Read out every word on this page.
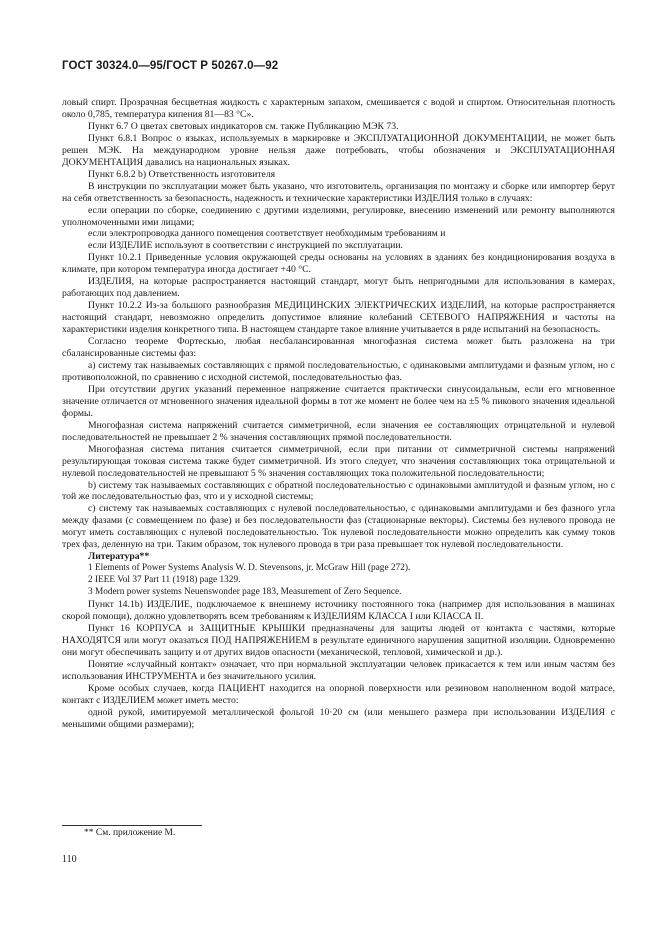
ГОСТ 30324.0—95/ГОСТ Р 50267.0—92

ловый спирт. Прозрачная бесцветная жидкость с характерным запахом, смешивается с водой и спиртом. Относительная плотность около 0,785, температура кипения 81—83 °С».

Пункт 6.7 О цветах световых индикаторов см. также Публикацию МЭК 73.

Пункт 6.8.1 Вопрос о языках, используемых в маркировке и ЭКСПЛУАТАЦИОННОЙ ДОКУМЕНТАЦИИ, не может быть решен МЭК. На международном уровне нельзя даже потребовать, чтобы обозначения и ЭКСПЛУАТАЦИОННАЯ ДОКУМЕНТАЦИЯ давались на национальных языках.

Пункт 6.8.2 b) Ответственность изготовителя

В инструкции по эксплуатации может быть указано, что изготовитель, организация по монтажу и сборке или импортер берут на себя ответственность за безопасность, надежность и технические характеристики ИЗДЕЛИЯ только в случаях:

если операции по сборке, соединению с другими изделиями, регулировке, внесению изменений или ремонту выполняются уполномоченными ими лицами;

если электропроводка данного помещения соответствует необходимым требованиям и

если ИЗДЕЛИЕ используют в соответствии с инструкцией по эксплуатации.

Пункт 10.2.1 Приведенные условия окружающей среды основаны на условиях в зданиях без кондиционирования воздуха в климате, при котором температура иногда достигает +40 °С.

ИЗДЕЛИЯ, на которые распространяется настоящий стандарт, могут быть непригодными для использования в камерах, работающих под давлением.

Пункт 10.2.2 Из-за большого разнообразия МЕДИЦИНСКИХ ЭЛЕКТРИЧЕСКИХ ИЗДЕЛИЙ, на которые распространяется настоящий стандарт, невозможно определить допустимое влияние колебаний СЕТЕВОГО НАПРЯЖЕНИЯ и частоты на характеристики изделия конкретного типа. В настоящем стандарте такое влияние учитывается в ряде испытаний на безопасность.

Согласно теореме Фортескью, любая несбалансированная многофазная система может быть разложена на три сбалансированные системы фаз:

а) систему так называемых составляющих с прямой последовательностью, с одинаковыми амплитудами и фазным углом, но с противоположной, по сравнению с исходной системой, последовательностью фаз.

При отсутствии других указаний переменное напряжение считается практически синусоидальным, если его мгновенное значение отличается от мгновенного значения идеальной формы в тот же момент не более чем на ±5 % пикового значения идеальной формы.

Многофазная система напряжений считается симметричной, если значения ее составляющих отрицательной и нулевой последовательностей не превышает 2 % значения составляющих прямой последовательности.

Многофазная система питания считается симметричной, если при питании от симметричной системы напряжений результирующая токовая система также будет симметричной. Из этого следует, что значения составляющих тока отрицательной и нулевой последовательностей не превышают 5 % значения составляющих тока положительной последовательности;

b) систему так называемых составляющих с обратной последовательностью с одинаковыми амплитудой и фазным углом, но с той же последовательностью фаз, что и у исходной системы;

с) систему так называемых составляющих с нулевой последовательностью, с одинаковыми амплитудами и без фазного угла между фазами (с совмещением по фазе) и без последовательности фаз (стационарные векторы). Системы без нулевого провода не могут иметь составляющих с нулевой последовательностью. Ток нулевой последовательности можно определить как сумму токов трех фаз, деленную на три. Таким образом, ток нулевого провода в три раза превышает ток нулевой последовательности.

Литература**

1 Elements of Power Systems Analysis W. D. Stevensons, jr. McGraw Hill (page 272).

2 IEEE Vol 37 Part 11 (1918) page 1329.

3 Modern power systems Neuenswonder page 183, Measurement of Zero Sequence.

Пункт 14.1b) ИЗДЕЛИЕ, подключаемое к внешнему источнику постоянного тока (например для использования в машинах скорой помощи), должно удовлетворять всем требованиям к ИЗДЕЛИЯМ КЛАССА I или КЛАССА II.

Пункт 16 КОРПУСА и ЗАЩИТНЫЕ КРЫШКИ предназначены для защиты людей от контакта с частями, которые НАХОДЯТСЯ или могут оказаться ПОД НАПРЯЖЕНИЕМ в результате единичного нарушения защитной изоляции. Одновременно они могут обеспечивать защиту и от других видов опасности (механической, тепловой, химической и др.).

Понятие «случайный контакт» означает, что при нормальной эксплуатации человек прикасается к тем или иным частям без использования ИНСТРУМЕНТА и без значительного усилия.

Кроме особых случаев, когда ПАЦИЕНТ находится на опорной поверхности или резиновом наполненном водой матрасе, контакт с ИЗДЕЛИЕМ может иметь место:

одной рукой, имитируемой металлической фольгой 10·20 см (или меньшего размера при использовании ИЗДЕЛИЯ с меньшими общими размерами);

** См. приложение М.
110
